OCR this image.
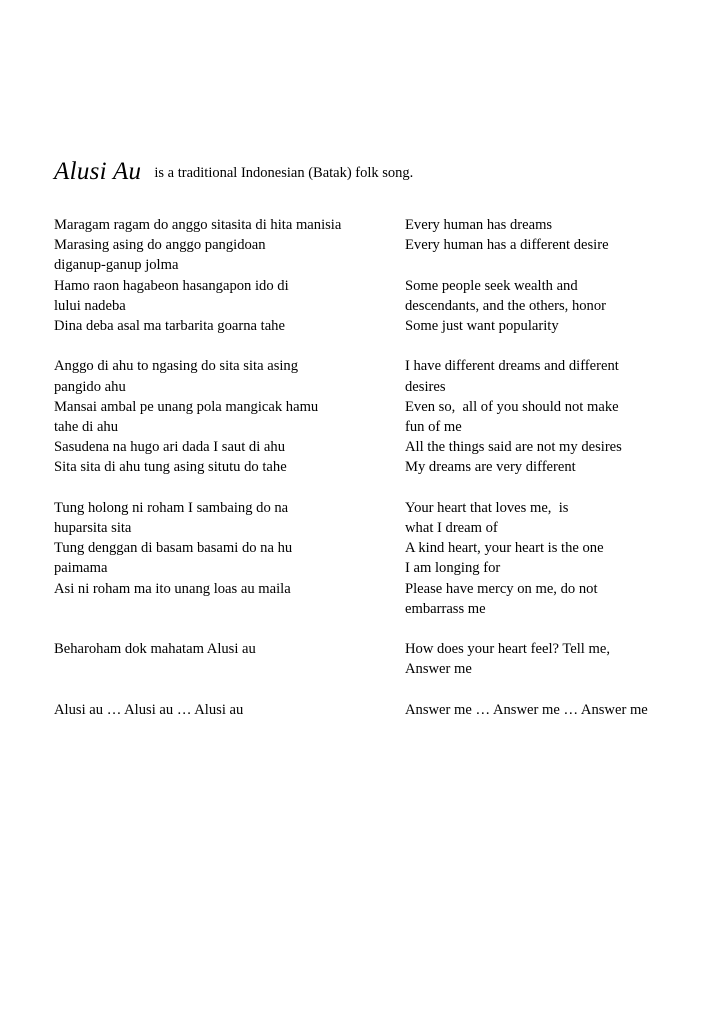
Alusi Au is a traditional Indonesian (Batak) folk song.
Maragam ragam do anggo sitasita di hita manisia
Marasing asing do anggo pangidoan
diganup-ganup jolma
Hamo raon hagabeon hasangapon ido di
lului nadeba
Dina deba asal ma tarbarita goarna tahe
Every human has dreams
Every human has a different desire
Some people seek wealth and
descendants, and the others, honor
Some just want popularity
Anggo di ahu to ngasing do sita sita asing
pangido ahu
Mansai ambal pe unang pola mangicak hamu
tahe di ahu
Sasudena na hugo ari dada I saut di ahu
Sita sita di ahu tung asing situtu do tahe
I have different dreams and different
desires
Even so,  all of you should not make
fun of me
All the things said are not my desires
My dreams are very different
Tung holong ni roham I sambaing do na
huparsita sita
Tung denggan di basam basami do na hu
paimama
Asi ni roham ma ito unang loas au maila
Your heart that loves me,  is
what I dream of
A kind heart, your heart is the one
I am longing for
Please have mercy on me, do not
embarrass me
Beharoham dok mahatam Alusi au	How does your heart feel? Tell me,
Answer me
Alusi au … Alusi au … Alusi au	Answer me … Answer me … Answer me
